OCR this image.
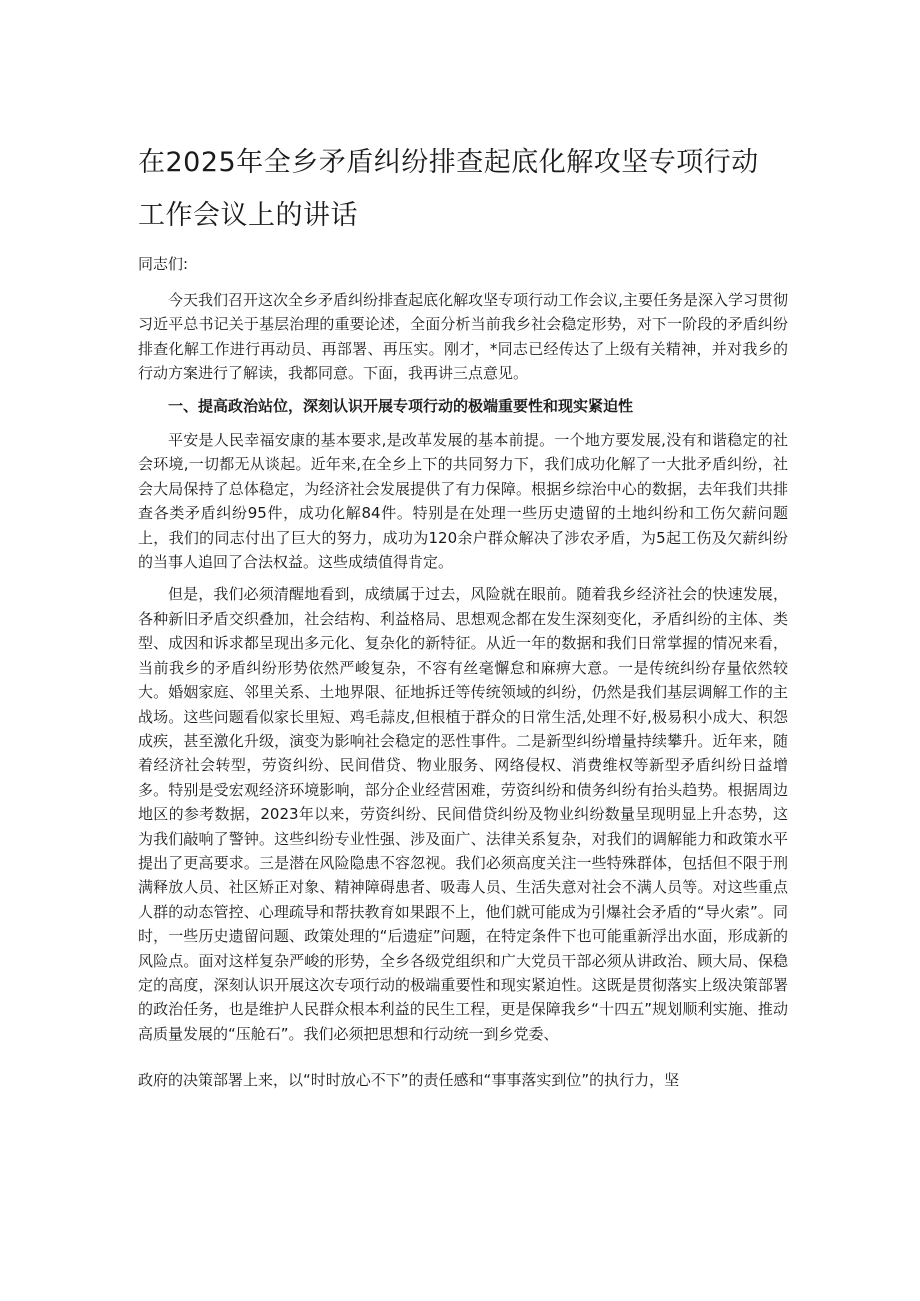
在2025年全乡矛盾纠纷排查起底化解攻坚专项行动
工作会议上的讲话

同志们:

今天我们召开这次全乡矛盾纠纷排查起底化解攻坚专项行动工作会议,主要任务是深入学习贯彻习近平总书记关于基层治理的重要论述，全面分析当前我乡社会稳定形势，对下一阶段的矛盾纠纷排查化解工作进行再动员、再部署、再压实。刚才，*同志已经传达了上级有关精神，并对我乡的行动方案进行了解读，我都同意。下面，我再讲三点意见。

一、提高政治站位，深刻认识开展专项行动的极端重要性和现实紧迫性

平安是人民幸福安康的基本要求,是改革发展的基本前提。一个地方要发展,没有和谐稳定的社会环境,一切都无从谈起。近年来,在全乡上下的共同努力下，我们成功化解了一大批矛盾纠纷，社会大局保持了总体稳定，为经济社会发展提供了有力保障。根据乡综治中心的数据，去年我们共排查各类矛盾纠纷95件，成功化解84件。特别是在处理一些历史遗留的土地纠纷和工伤欠薪问题上，我们的同志付出了巨大的努力，成功为120余户群众解决了涉农矛盾，为5起工伤及欠薪纠纷的当事人追回了合法权益。这些成绩值得肯定。

但是，我们必须清醒地看到，成绩属于过去，风险就在眼前。随着我乡经济社会的快速发展，各种新旧矛盾交织叠加，社会结构、利益格局、思想观念都在发生深刻变化，矛盾纠纷的主体、类型、成因和诉求都呈现出多元化、复杂化的新特征。从近一年的数据和我们日常掌握的情况来看，当前我乡的矛盾纠纷形势依然严峻复杂，不容有丝毫懈怠和麻痹大意。一是传统纠纷存量依然较大。婚姻家庭、邻里关系、土地界限、征地拆迁等传统领域的纠纷，仍然是我们基层调解工作的主战场。这些问题看似家长里短、鸡毛蒜皮,但根植于群众的日常生活,处理不好,极易积小成大、积怨成疾，甚至激化升级，演变为影响社会稳定的恶性事件。二是新型纠纷增量持续攀升。近年来，随着经济社会转型，劳资纠纷、民间借贷、物业服务、网络侵权、消费维权等新型矛盾纠纷日益增多。特别是受宏观经济环境影响，部分企业经营困难，劳资纠纷和债务纠纷有抬头趋势。根据周边地区的参考数据，2023年以来，劳资纠纷、民间借贷纠纷及物业纠纷数量呈现明显上升态势，这为我们敲响了警钟。这些纠纷专业性强、涉及面广、法律关系复杂，对我们的调解能力和政策水平提出了更高要求。三是潜在风险隐患不容忽视。我们必须高度关注一些特殊群体，包括但不限于刑满释放人员、社区矫正对象、精神障碍患者、吸毒人员、生活失意对社会不满人员等。对这些重点人群的动态管控、心理疏导和帮扶教育如果跟不上，他们就可能成为引爆社会矛盾的“导火索”。同时，一些历史遗留问题、政策处理的“后遗症”问题，在特定条件下也可能重新浮出水面，形成新的风险点。面对这样复杂严峻的形势，全乡各级党组织和广大党员干部必须从讲政治、顾大局、保稳定的高度，深刻认识开展这次专项行动的极端重要性和现实紧迫性。这既是贯彻落实上级决策部署的政治任务，也是维护人民群众根本利益的民生工程，更是保障我乡“十四五”规划顺利实施、推动高质量发展的“压舱石”。我们必须把思想和行动统一到乡党委、

政府的决策部署上来，以“时时放心不下”的责任感和“事事落实到位”的执行力，坚
